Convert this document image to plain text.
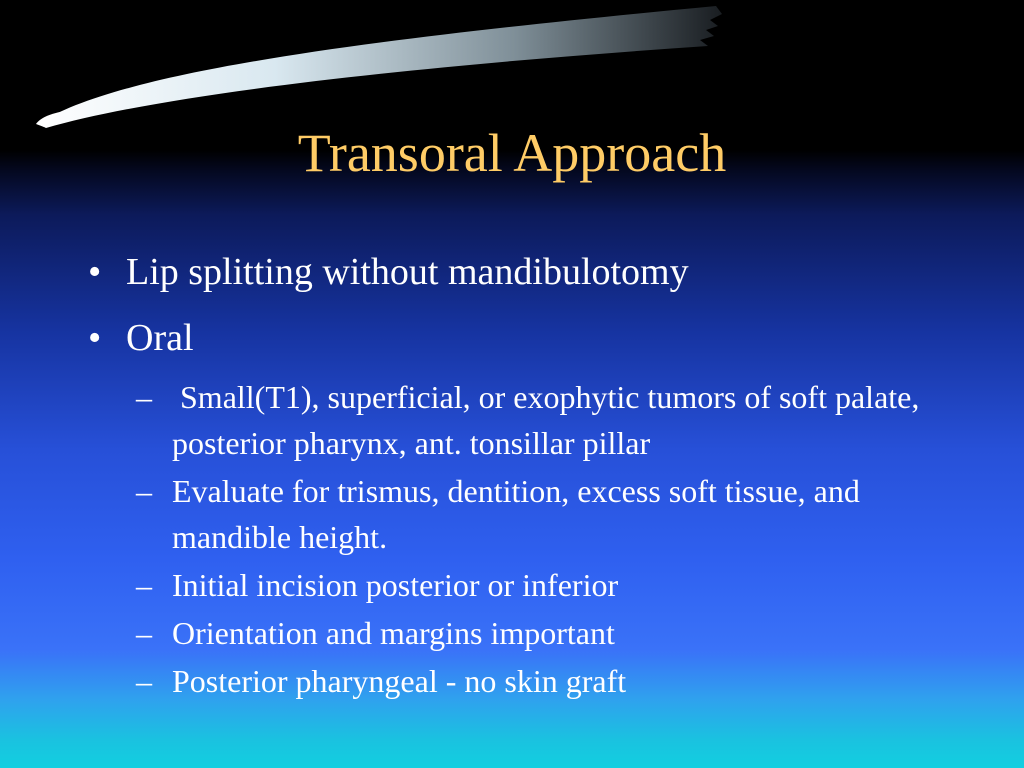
Transoral Approach
• Lip splitting without mandibulotomy
• Oral
– Small(T1), superficial, or exophytic tumors of soft palate, posterior pharynx, ant. tonsillar pillar
– Evaluate for trismus, dentition, excess soft tissue, and mandible height.
– Initial incision posterior or inferior
– Orientation and margins important
– Posterior pharyngeal - no skin graft
